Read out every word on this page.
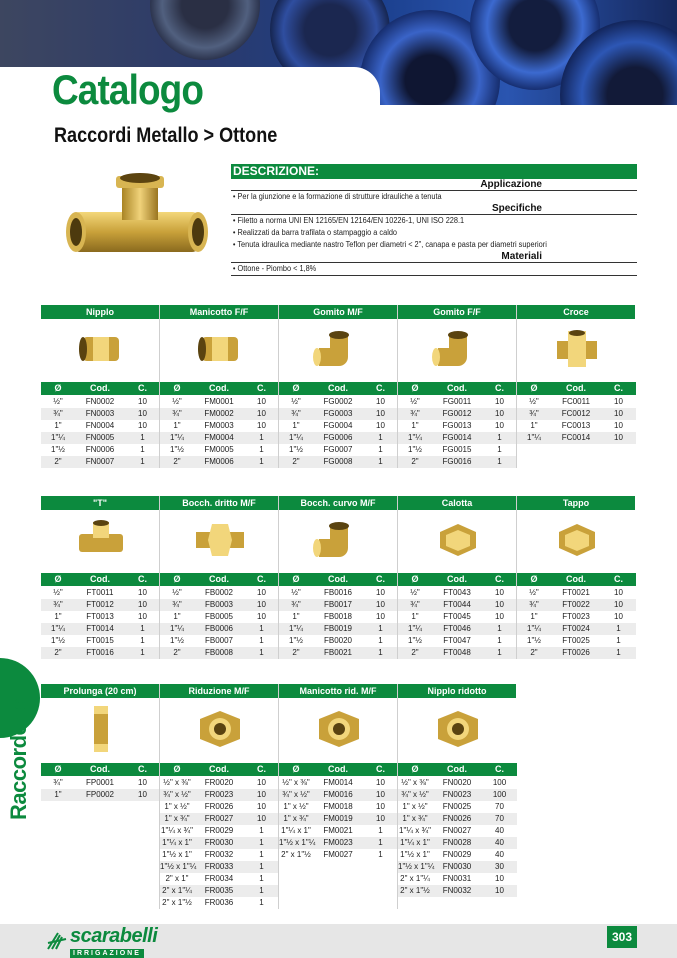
Catalogo
Raccordi Metallo > Ottone
DESCRIZIONE:
Applicazione
• Per la giunzione e la formazione di strutture idrauliche a tenuta
Specifiche
• Filetto a norma UNI EN 12165/EN 12164/EN 10226-1, UNI ISO 228.1
• Realizzati da barra trafilata o stampaggio a caldo
• Tenuta idraulica mediante nastro Teflon per diametri < 2", canapa e pasta per diametri superiori
Materiali
• Ottone - Piombo < 1,8%
Nipplo
Ø	Cod.	C.
½"	FN0002	10
¾"	FN0003	10
1"	FN0004	10
1"¼	FN0005	1
1"½	FN0006	1
2"	FN0007	1
Manicotto F/F
Ø	Cod.	C.
½"	FM0001	10
¾"	FM0002	10
1"	FM0003	10
1"¼	FM0004	1
1"½	FM0005	1
2"	FM0006	1
Gomito M/F
Ø	Cod.	C.
½"	FG0002	10
¾"	FG0003	10
1"	FG0004	10
1"¼	FG0006	1
1"½	FG0007	1
2"	FG0008	1
Gomito F/F
Ø	Cod.	C.
½"	FG0011	10
¾"	FG0012	10
1"	FG0013	10
1"¼	FG0014	1
1"½	FG0015	1
2"	FG0016	1
Croce
Ø	Cod.	C.
½"	FC0011	10
¾"	FC0012	10
1"	FC0013	10
1"¼	FC0014	10
"T"
Ø	Cod.	C.
½"	FT0011	10
¾"	FT0012	10
1"	FT0013	10
1"¼	FT0014	1
1"½	FT0015	1
2"	FT0016	1
Bocch. dritto M/F
Ø	Cod.	C.
½"	FB0002	10
¾"	FB0003	10
1"	FB0005	10
1"¼	FB0006	1
1"½	FB0007	1
2"	FB0008	1
Bocch. curvo M/F
Ø	Cod.	C.
½"	FB0016	10
¾"	FB0017	10
1"	FB0018	10
1"¼	FB0019	1
1"½	FB0020	1
2"	FB0021	1
Calotta
Ø	Cod.	C.
½"	FT0043	10
¾"	FT0044	10
1"	FT0045	10
1"¼	FT0046	1
1"½	FT0047	1
2"	FT0048	1
Tappo
Ø	Cod.	C.
½"	FT0021	10
¾"	FT0022	10
1"	FT0023	10
1"¼	FT0024	1
1"½	FT0025	1
2"	FT0026	1
Prolunga (20 cm)
Ø	Cod.	C.
¾"	FP0001	10
1"	FP0002	10
Riduzione M/F
Ø	Cod.	C.
½" x ⅜"	FR0020	10
¾" x ½"	FR0023	10
1" x ½"	FR0026	10
1" x ¾"	FR0027	10
1"¼ x ¾"	FR0029	1
1"¼ x 1"	FR0030	1
1"½ x 1"	FR0032	1
1"½ x 1"¼	FR0033	1
2" x 1"	FR0034	1
2" x 1"¼	FR0035	1
2" x 1"½	FR0036	1
Manicotto rid. M/F
Ø	Cod.	C.
½" x ⅜"	FM0014	10
¾" x ½"	FM0016	10
1" x ½"	FM0018	10
1" x ¾"	FM0019	10
1"¼ x 1"	FM0021	1
1"½ x 1"¼ FM0023	1
2" x 1"½	FM0027	1
Nipplo ridotto
Ø	Cod.	C.
½" x ⅜"	FN0020	100
¾" x ½"	FN0023	100
1" x ½"	FN0025	70
1" x ¾"	FN0026	70
1"¼ x ¾"	FN0027	40
1"¼ x 1"	FN0028	40
1"½ x 1"	FN0029	40
1"½ x 1"¼	FN0030	30
2" x 1"¼	FN0031	10
2" x 1"½	FN0032	10
Raccorderia
scarabelli
IRRIGAZIONE
303
